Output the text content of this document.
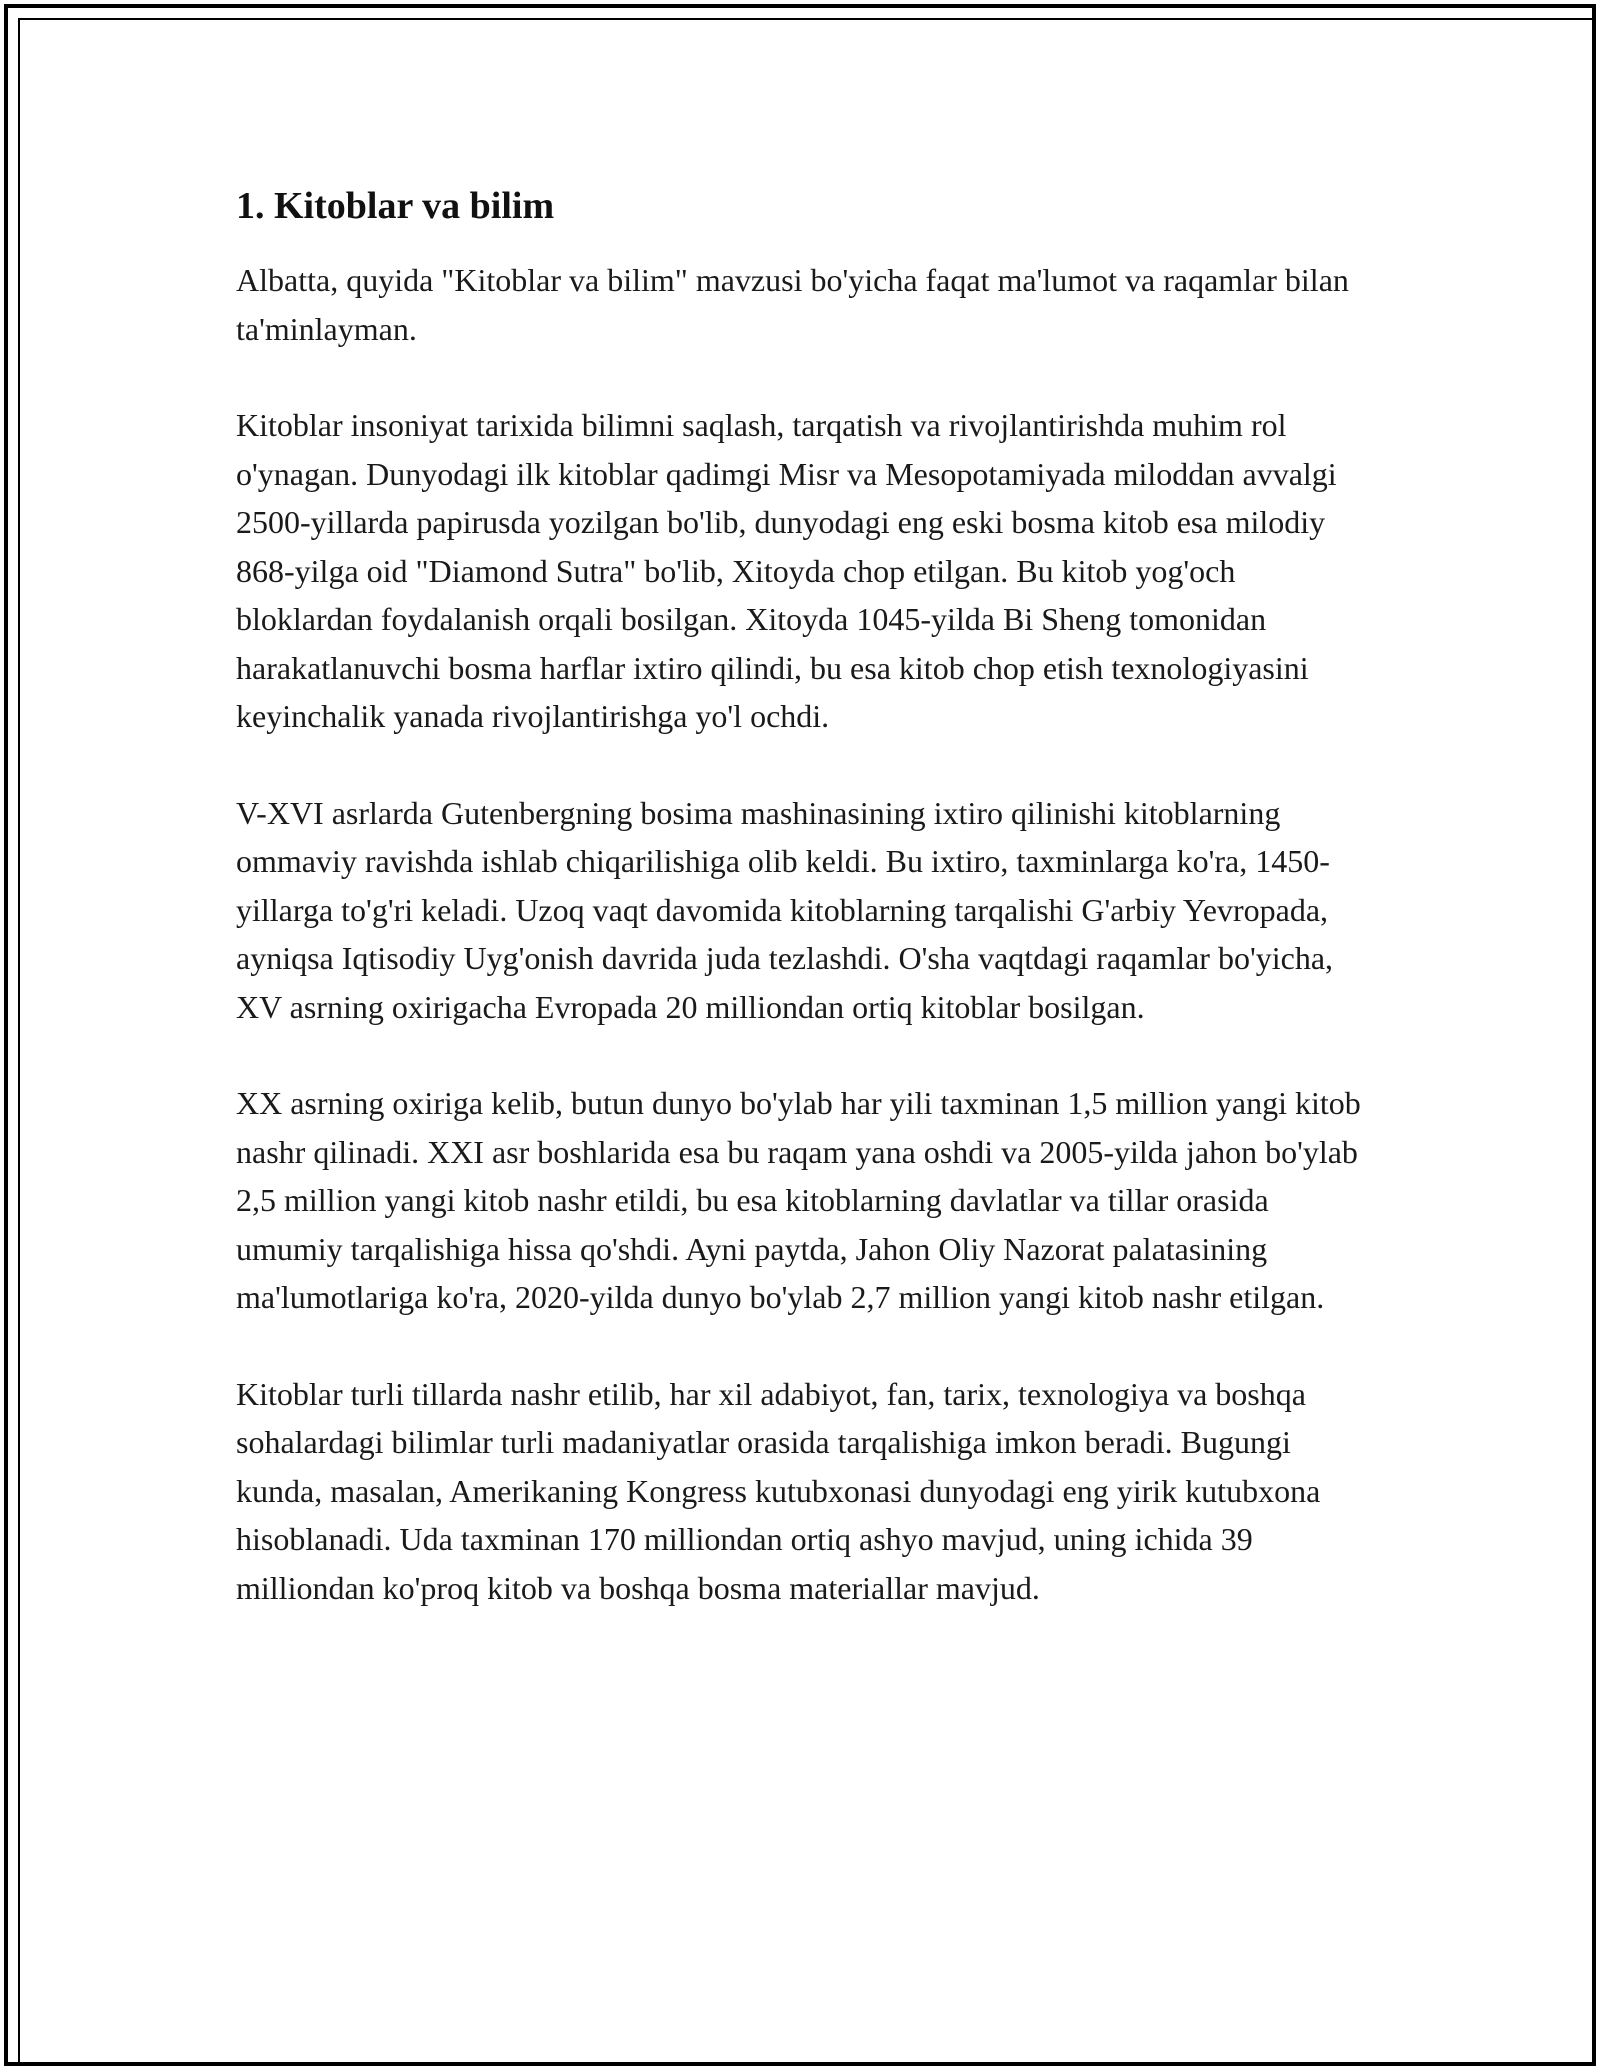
1. Kitoblar va bilim

Albatta, quyida "Kitoblar va bilim" mavzusi bo'yicha faqat ma'lumot va raqamlar bilan ta'minlayman.

Kitoblar insoniyat tarixida bilimni saqlash, tarqatish va rivojlantirishda muhim rol o'ynagan. Dunyodagi ilk kitoblar qadimgi Misr va Mesopotamiyada miloddan avvalgi 2500-yillarda papirusda yozilgan bo'lib, dunyodagi eng eski bosma kitob esa milodiy 868-yilga oid "Diamond Sutra" bo'lib, Xitoyda chop etilgan. Bu kitob yog'och bloklardan foydalanish orqali bosilgan. Xitoyda 1045-yilda Bi Sheng tomonidan harakatlanuvchi bosma harflar ixtiro qilindi, bu esa kitob chop etish texnologiyasini keyinchalik yanada rivojlantirishga yo'l ochdi.

V-XVI asrlarda Gutenbergning bosima mashinasining ixtiro qilinishi kitoblarning ommaviy ravishda ishlab chiqarilishiga olib keldi. Bu ixtiro, taxminlarga ko'ra, 1450-yillarga to'g'ri keladi. Uzoq vaqt davomida kitoblarning tarqalishi G'arbiy Yevropada, ayniqsa Iqtisodiy Uyg'onish davrida juda tezlashdi. O'sha vaqtdagi raqamlar bo'yicha, XV asrning oxirigacha Evropada 20 milliondan ortiq kitoblar bosilgan.

XX asrning oxiriga kelib, butun dunyo bo'ylab har yili taxminan 1,5 million yangi kitob nashr qilinadi. XXI asr boshlarida esa bu raqam yana oshdi va 2005-yilda jahon bo'ylab 2,5 million yangi kitob nashr etildi, bu esa kitoblarning davlatlar va tillar orasida umumiy tarqalishiga hissa qo'shdi. Ayni paytda, Jahon Oliy Nazorat palatasining ma'lumotlariga ko'ra, 2020-yilda dunyo bo'ylab 2,7 million yangi kitob nashr etilgan.

Kitoblar turli tillarda nashr etilib, har xil adabiyot, fan, tarix, texnologiya va boshqa sohalardagi bilimlar turli madaniyatlar orasida tarqalishiga imkon beradi. Bugungi kunda, masalan, Amerikaning Kongress kutubxonasi dunyodagi eng yirik kutubxona hisoblanadi. Uda taxminan 170 milliondan ortiq ashyo mavjud, uning ichida 39 milliondan ko'proq kitob va boshqa bosma materiallar mavjud.
